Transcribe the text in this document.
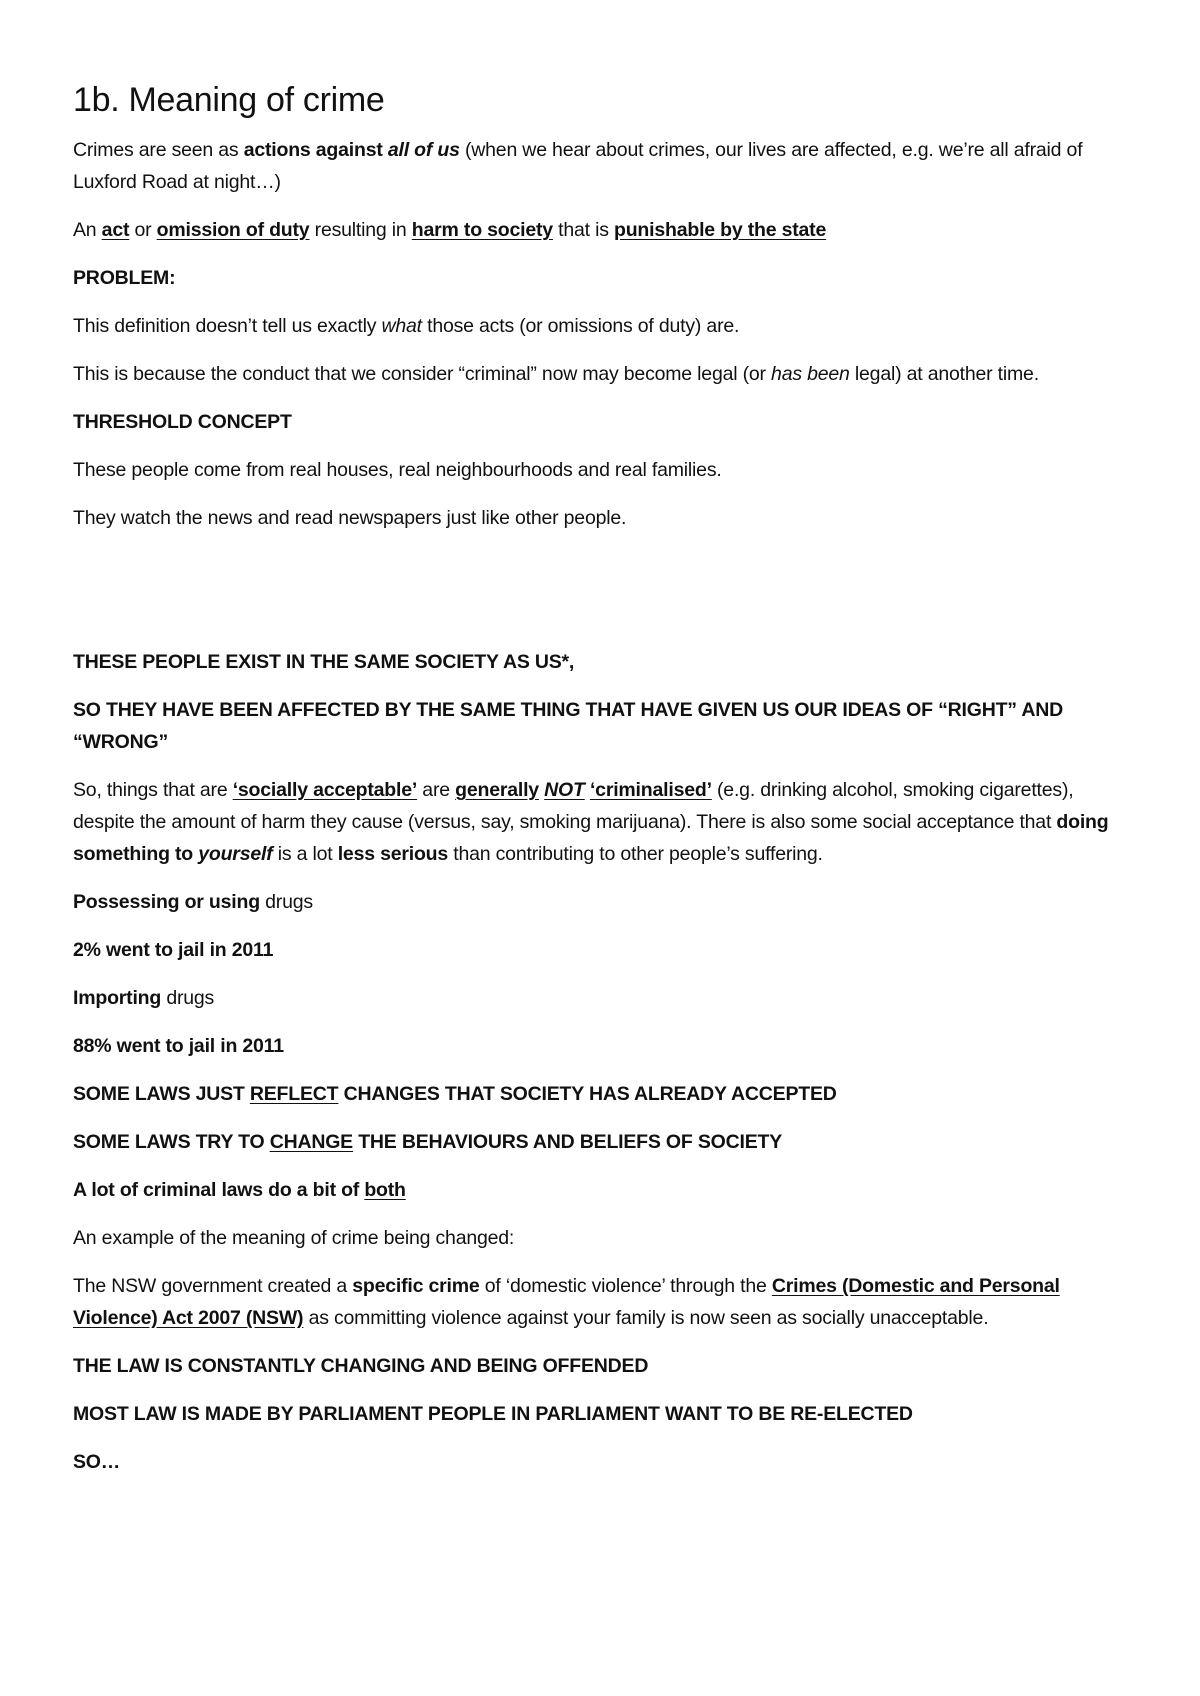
1b. Meaning of crime

Crimes are seen as actions against all of us (when we hear about crimes, our lives are affected, e.g. we’re all afraid of Luxford Road at night…)

An act or omission of duty resulting in harm to society that is punishable by the state

PROBLEM:

This definition doesn’t tell us exactly what those acts (or omissions of duty) are.

This is because the conduct that we consider “criminal” now may become legal (or has been legal) at another time.

THRESHOLD CONCEPT

These people come from real houses, real neighbourhoods and real families.

They watch the news and read newspapers just like other people.

THESE PEOPLE EXIST IN THE SAME SOCIETY AS US*,

SO THEY HAVE BEEN AFFECTED BY THE SAME THING THAT HAVE GIVEN US OUR IDEAS OF “RIGHT” AND “WRONG”

So, things that are ‘socially acceptable’ are generally NOT ‘criminalised’ (e.g. drinking alcohol, smoking cigarettes), despite the amount of harm they cause (versus, say, smoking marijuana). There is also some social acceptance that doing something to yourself is a lot less serious than contributing to other people’s suffering.

Possessing or using drugs

2% went to jail in 2011

Importing drugs

88% went to jail in 2011

SOME LAWS JUST REFLECT CHANGES THAT SOCIETY HAS ALREADY ACCEPTED

SOME LAWS TRY TO CHANGE THE BEHAVIOURS AND BELIEFS OF SOCIETY

A lot of criminal laws do a bit of both

An example of the meaning of crime being changed:

The NSW government created a specific crime of ‘domestic violence’ through the Crimes (Domestic and Personal Violence) Act 2007 (NSW) as committing violence against your family is now seen as socially unacceptable.

THE LAW IS CONSTANTLY CHANGING AND BEING OFFENDED

MOST LAW IS MADE BY PARLIAMENT PEOPLE IN PARLIAMENT WANT TO BE RE-ELECTED

SO…
